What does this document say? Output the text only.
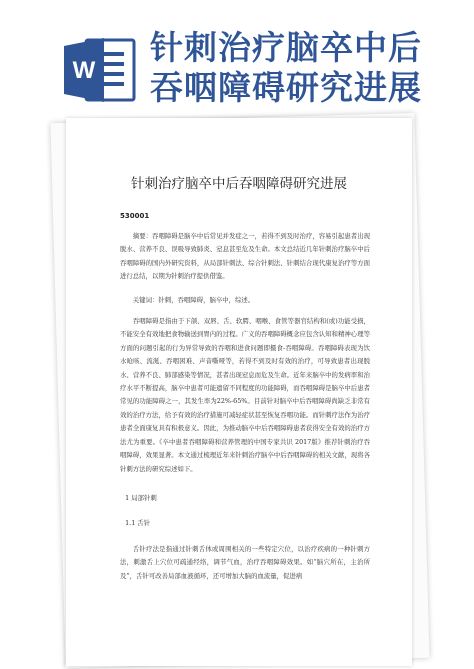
W
针刺治疗脑卒中后
吞咽障碍研究进展
针刺治疗脑卒中后吞咽障碍研究进展
530001

摘要：吞咽障碍是脑卒中后常见并发症之一，若得不到及时治疗，容易引起患者出现脱水、营养不良、误吸导致肺炎、窒息甚至危及生命。本文总结近几年针刺治疗脑卒中后吞咽障碍的国内外研究资料，从局部针刺法、综合针刺法、针刺结合现代康复治疗等方面进行总结，以期为针刺治疗提供借鉴。

关键词：针刺，吞咽障碍，脑卒中，综述。

吞咽障碍是指由于下颌、双唇、舌、软腭、咽喉、食管等器官结构和(或)功能受损，不能安全有效地把食物输送到胃内的过程。广义的吞咽障碍概念应包含认知和精神心理等方面的问题引起的行为异常导致的吞咽和进食问题即摄食-吞咽障碍。吞咽障碍表现为饮水呛咳、流涎、吞咽困难、声音嘶哑等，若得不到及时有效的治疗，可导致患者出现脱水、营养不良、肺部感染等情况，甚者出现窒息而危及生命。近年来脑卒中的发病率和治疗水平不断提高，脑卒中患者可能遗留不同程度的功能障碍，而吞咽障碍是脑卒中后患者常见的功能障碍之一，其发生率为22%-65%。目前针对脑卒中后吞咽障碍尚缺乏非常有效的治疗方法，给予有效的治疗措施可减轻症状甚至恢复吞咽功能。而针刺疗法作为治疗患者全面康复具有积极意义。因此，为推动脑卒中后吞咽障碍患者获得安全有效的治疗方法尤为重要。《卒中患者吞咽障碍和营养管理的中国专家共识 2017版》推荐针刺治疗吞咽障碍，效果显著。本文通过梳理近年来针刺治疗脑卒中后吞咽障碍的相关文献，现将各针刺方法的研究综述如下。

1 局部针刺
1.1 舌针

舌针疗法是指通过针刺舌体或周围相关的一些特定穴位，以治疗疾病的一种针刺方法，刺激舌上穴位可疏通经络，调节气血，治疗吞咽障碍效果。如“脑穴所在，主治所及”，舌针可改善局部血液循环，还可增加大脑的血流量，促进病
